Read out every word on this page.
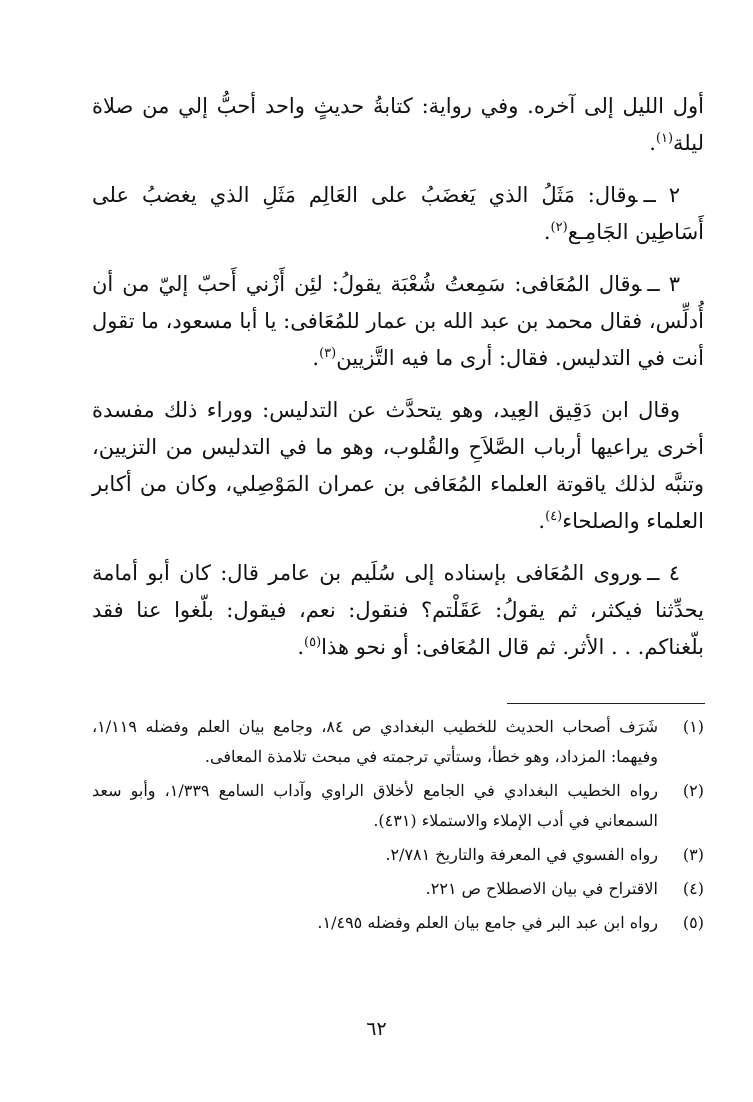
أول الليل إلى آخره. وفي رواية: كتابةُ حديثٍ واحد أحبُّ إلي من صلاة ليلة$^{(١)}$.

٢ ــوقال: مَثَلُ الذي يَغضَبُ على العَالِم مَثَلِ الذي يغضبُ على أَسَاطِين الجَامِـع$^{(٢)}$.

٣ ــوقال المُعَافى: سَمِعتُ شُعْبَة يقولُ: لئِن أَزْني أَحبّ إليّ من أن أُدلِّس، فقال محمد بن عبد الله بن عمار للمُعَافى: يا أبا مسعود، ما تقول أنت في التدليس. فقال: أرى ما فيه التَّزيين$^{(٣)}$.

وقال ابن دَقِيق العِيد، وهو يتحدَّث عن التدليس: ووراء ذلك مفسدة أخرى يراعيها أرباب الصَّلاَحِ والقُلوب، وهو ما في التدليس من التزيين، وتنبَّه لذلك ياقوتة العلماء المُعَافى بن عمران المَوْصِلي، وكان من أكابر العلماء والصلحاء$^{(٤)}$.

٤ ــوروى المُعَافى بإسناده إلى سُلَيم بن عامر قال: كان أبو أمامة يحدِّثنا فيكثر، ثم يقولُ: عَقَلْتم؟ فنقول: نعم، فيقول: بلّغوا عنا فقد بلّغناكم. . . الأثر. ثم قال المُعَافى: أو نحو هذا$^{(٥)}$.

(١)
شَرَف أصحاب الحديث للخطيب البغدادي ص ٨٤، وجامع بيان العلم وفضله ١/١١٩، وفيهما: المزداد، وهو خطأ، وستأتي ترجمته في مبحث تلامذة المعافى.
(٢)
رواه الخطيب البغدادي في الجامع لأخلاق الراوي وآداب السامع ١/٣٣٩، وأبو سعد السمعاني في أدب الإملاء والاستملاء (٤٣١).
(٣)
رواه الفسوي في المعرفة والتاريخ ٢/٧٨١.
(٤)
الاقتراح في بيان الاصطلاح ص ٢٢١.
(٥)
رواه ابن عبد البر في جامع بيان العلم وفضله ١/٤٩٥.
٦٢
